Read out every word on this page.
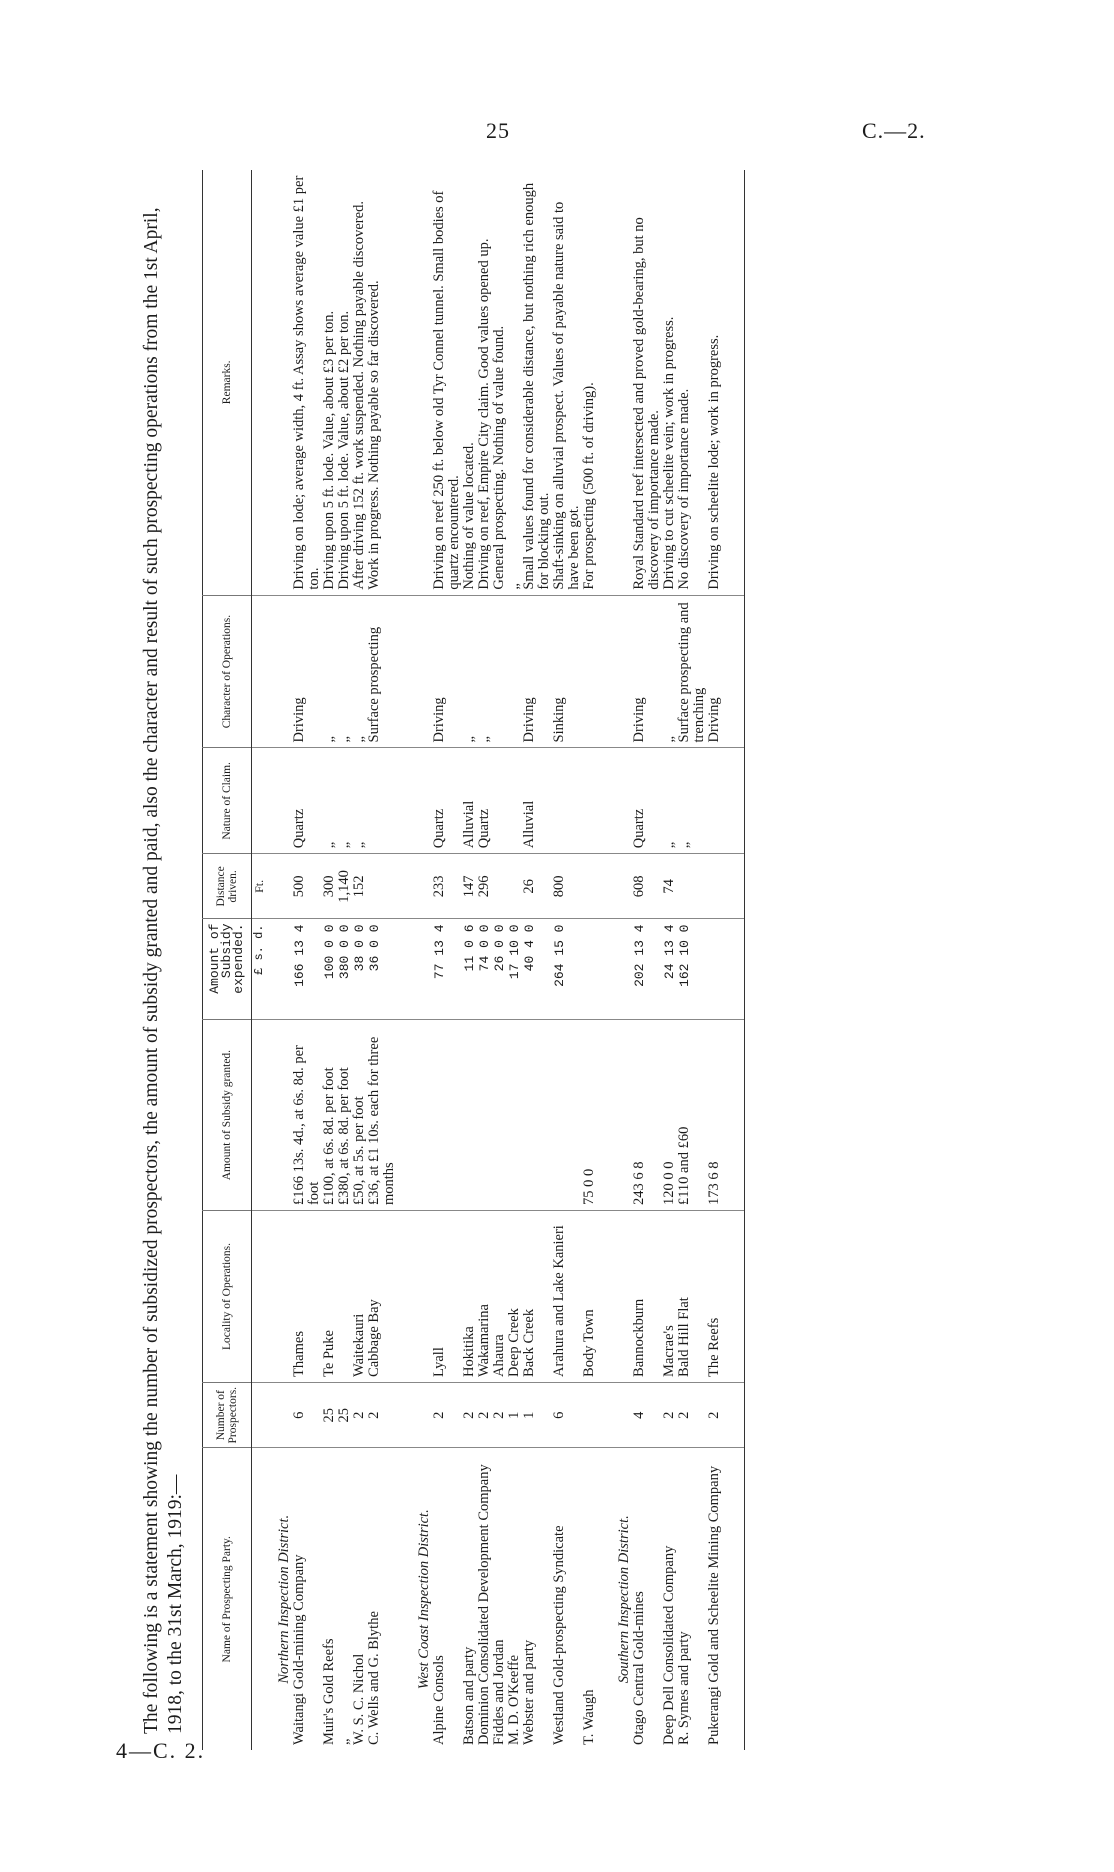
25	C.—2.
4—C. 2.

The following is a statement showing the number of subsidized prospectors, the amount of subsidy granted and paid, also the character and result of such prospecting operations from the 1st April, 1918, to the 31st March, 1919:—	Name of Prospecting Party.	Number of Prospectors.	Locality of Operations.	Amount of Subsidy granted.	Amount of Subsidy expended.	Distance driven.	Nature of Claim.	Character of Operations.	Remarks.
				£ s. d.	Ft.			
Northern Inspection District.								
Waitangi Gold-mining Company	6	Thames	£166 13s. 4d., at 6s. 8d. per foot	166 13 4	500	Quartz	Driving	Driving on lode; average width, 4 ft. Assay shows average value £1 per ton.
Muir's Gold Reefs	25	Te Puke	£100, at 6s. 8d. per foot	100 0 0	300	„	„	Driving upon 5 ft. lode. Value, about £3 per ton.
„	25		£380, at 6s. 8d. per foot	380 0 0	1,140	„	„	Driving upon 5 ft. lode. Value, about £2 per ton.
W. S. C. Nichol	2	Waitekauri	£50, at 5s. per foot	38 0 0	152	„	„	After driving 152 ft. work suspended. Nothing payable discovered.
C. Wells and G. Blythe	2	Cabbage Bay	£36, at £1 10s. each for three months	36 0 0			Surface prospecting	Work in progress. Nothing payable so far discovered.

West Coast Inspection District.								
Alpine Consols	2	Lyall		77 13 4	233	Quartz	Driving	Driving on reef 250 ft. below old Tyr Connel tunnel. Small bodies of quartz encountered.
Batson and party	2	Hokitika		11 0 6	147	Alluvial	„	Nothing of value located.
Dominion Consolidated Development Company	2	Wakamarina		74 0 0	296	Quartz	„	Driving on reef, Empire City claim. Good values opened up.
Fiddes and Jordan	2	Ahaura		26 0 0				General prospecting. Nothing of value found.
M. D. O'Keeffe	1	Deep Creek		17 10 0				„
Webster and party	1	Back Creek		40 4 0	26	Alluvial	Driving	Small values found for considerable distance, but nothing rich enough for blocking out.
Westland Gold-prospecting Syndicate	6	Arahura and Lake Kanieri		264 15 0	800		Sinking	Shaft-sinking on alluvial prospect. Values of payable nature said to have been got.
T. Waugh		Body Town	75 0 0					For prospecting (500 ft. of driving).

Southern Inspection District.								
Otago Central Gold-mines	4	Bannockburn	243 6 8	202 13 4	608	Quartz	Driving	Royal Standard reef intersected and proved gold-bearing, but no discovery of importance made.
Deep Dell Consolidated Company	2	Macrae's	120 0 0	24 13 4	74	„	„	Driving to cut scheelite vein; work in progress.
R. Symes and party	2	Bald Hill Flat	£110 and £60	162 10 0		„	Surface prospecting and trenching	No discovery of importance made.
Pukerangi Gold and Scheelite Mining Company	2	The Reefs	173 6 8				Driving	Driving on scheelite lode; work in progress.
